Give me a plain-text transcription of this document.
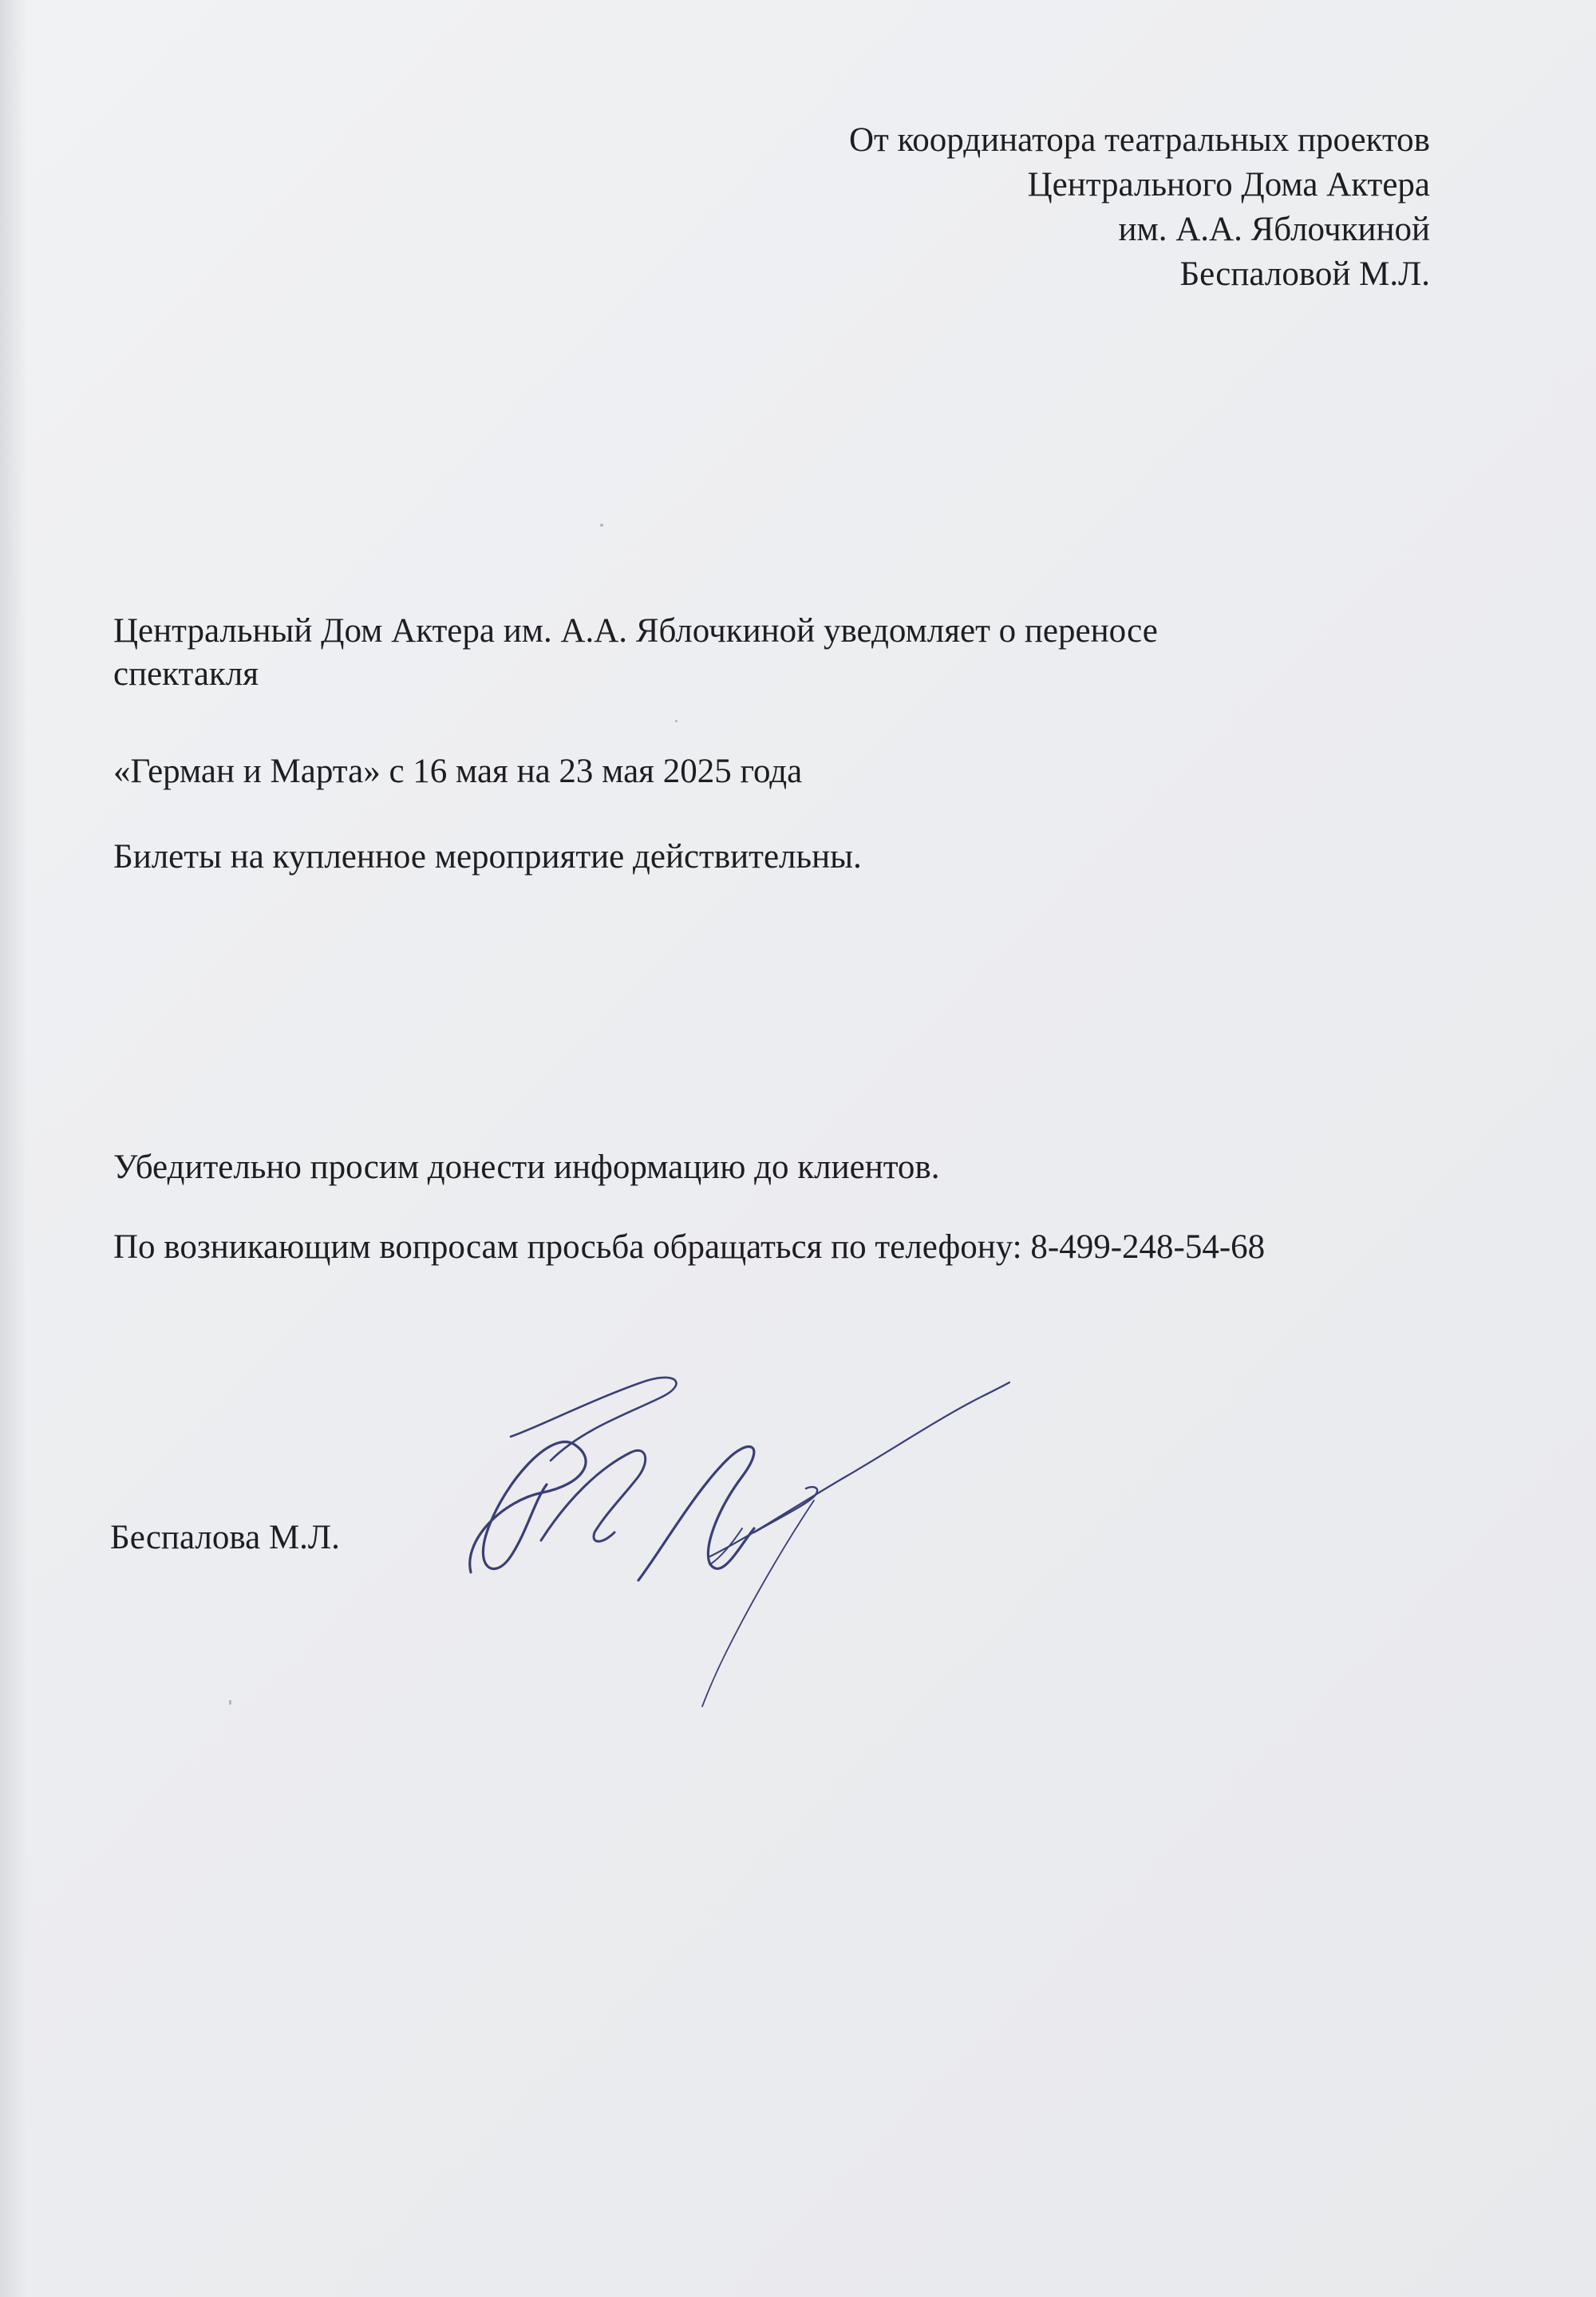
От координатора театральных проектов
Центрального Дома Актера
им. А.А. Яблочкиной
Беспаловой М.Л.
Центральный Дом Актера им. А.А. Яблочкиной уведомляет о переносе
спектакля
«Герман и Марта» с 16 мая на 23 мая 2025 года
Билеты на купленное мероприятие действительны.
Убедительно просим донести информацию до клиентов.
По возникающим вопросам просьба обращаться по телефону: 8-499-248-54-68
Беспалова М.Л.
